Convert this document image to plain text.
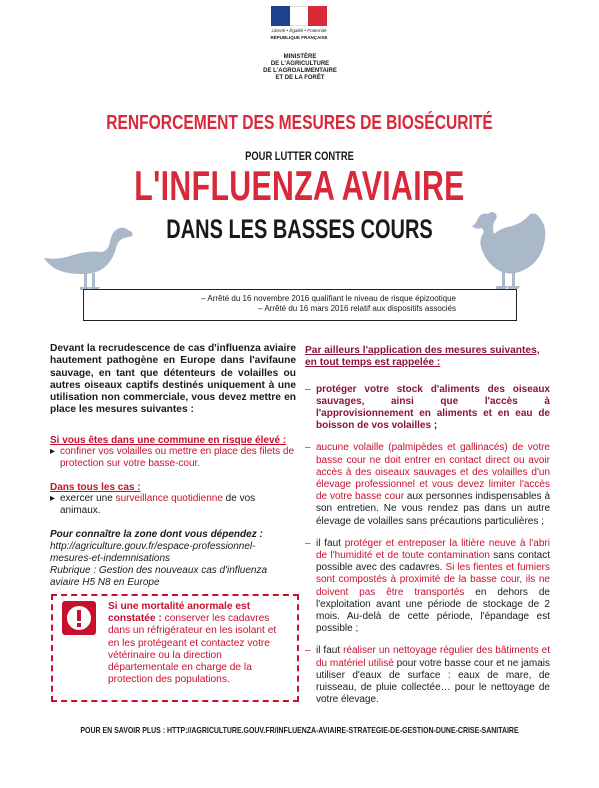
Liberté • Égalité • Fraternité
RÉPUBLIQUE FRANÇAISE
MINISTÈRE
DE L'AGRICULTURE
DE L'AGROALIMENTAIRE
ET DE LA FORÊT
RENFORCEMENT DES MESURES DE BIOSÉCURITÉ
POUR LUTTER CONTRE
L'INFLUENZA AVIAIRE
DANS LES BASSES COURS
– Arrêté du 16 novembre 2016 qualifiant le niveau de risque épizootique
– Arrêté du 16 mars 2016 relatif aux dispositifs associés
Devant la recrudescence de cas d'influenza aviaire hautement pathogène en Europe dans l'avifaune sauvage, en tant que détenteurs de volailles ou autres oiseaux captifs destinés uniquement à une utilisation non commerciale, vous devez mettre en place les mesures suivantes :
Si vous êtes dans une commune en risque élevé :
▸ confiner vos volailles ou mettre en place des filets de protection sur votre basse-cour.
Dans tous les cas :
▸ exercer une surveillance quotidienne de vos animaux.
Pour connaître la zone dont vous dépendez :
http://agriculture.gouv.fr/espace-professionnel-mesures-et-indemnisations
Rubrique : Gestion des nouveaux cas d'influenza aviaire H5 N8 en Europe
Si une mortalité anormale est constatée : conserver les cadavres dans un réfrigérateur en les isolant et en les protégeant et contactez votre vétérinaire ou la direction départementale en charge de la protection des populations.
Par ailleurs l'application des mesures suivantes, en tout temps est rappelée :
– protéger votre stock d'aliments des oiseaux sauvages, ainsi que l'accès à l'approvisionnement en aliments et en eau de boisson de vos volailles ;
– aucune volaille (palmipèdes et gallinacés) de votre basse cour ne doit entrer en contact direct ou avoir accès à des oiseaux sauvages et des volailles d'un élevage professionnel et vous devez limiter l'accès de votre basse cour aux personnes indispensables à son entretien. Ne vous rendez pas dans un autre élevage de volailles sans précautions particulières ;
– il faut protéger et entreposer la litière neuve à l'abri de l'humidité et de toute contamination sans contact possible avec des cadavres. Si les fientes et fumiers sont compostés à proximité de la basse cour, ils ne doivent pas être transportés en dehors de l'exploitation avant une période de stockage de 2 mois. Au-delà de cette période, l'épandage est possible ;
– il faut réaliser un nettoyage régulier des bâtiments et du matériel utilisé pour votre basse cour et ne jamais utiliser d'eaux de surface : eaux de mare, de ruisseau, de pluie collectée… pour le nettoyage de votre élevage.
POUR EN SAVOIR PLUS : HTTP://AGRICULTURE.GOUV.FR/INFLUENZA-AVIAIRE-STRATEGIE-DE-GESTION-DUNE-CRISE-SANITAIRE
